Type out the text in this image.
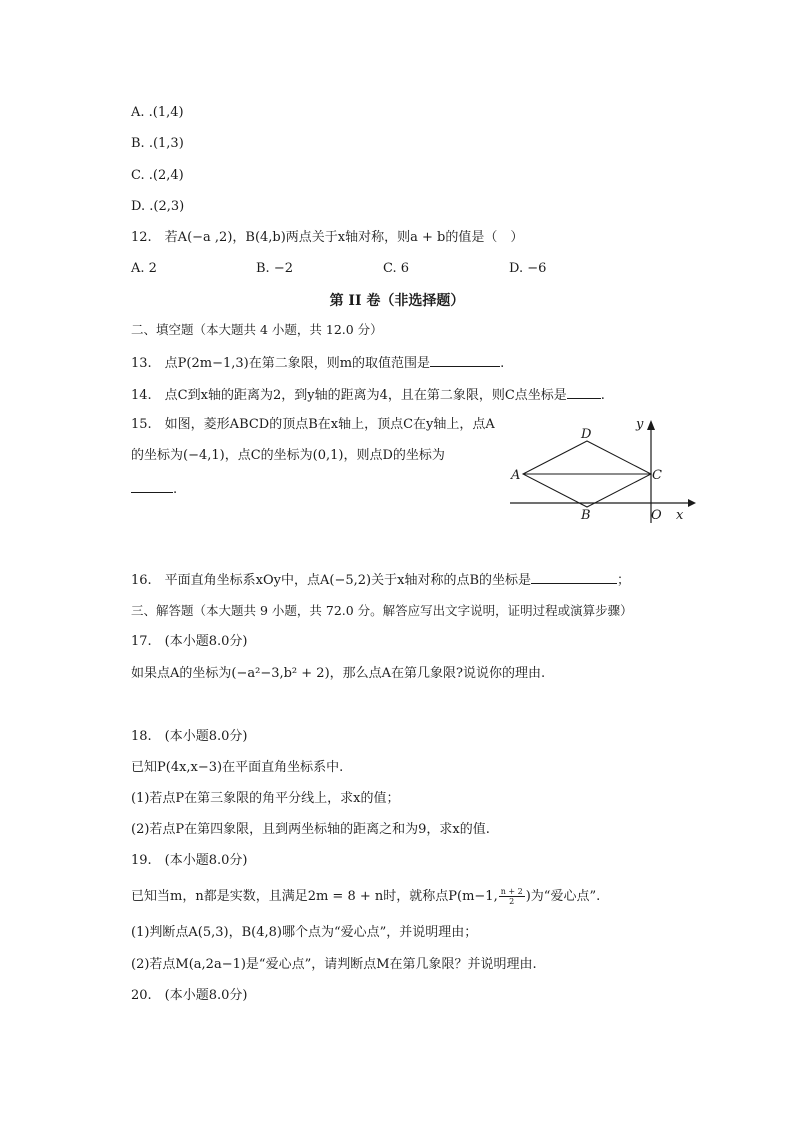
A. .(1,4)
B. .(1,3)
C. .(2,4)
D. .(2,3)
12.　若A(−a ,2)，B(4,b)两点关于x轴对称，则a + b的值是（　）
A. 2	B. −2	C. 6	D. −6
第 II 卷（非选择题）
二、填空题（本大题共 4 小题，共 12.0 分）
13.　点P(2m−1,3)在第二象限，则m的取值范围是	.
14.　点C到x轴的距离为2，到y轴的距离为4，且在第二象限，则C点坐标是	.
15.　如图，菱形ABCD的顶点B在x轴上，顶点C在y轴上，点A
的坐标为(−4,1)，点C的坐标为(0,1)，则点D的坐标为
.
A
B
C
D
O x
y
16.　平面直角坐标系xOy中，点A(−5,2)关于x轴对称的点B的坐标是	；
三、解答题（本大题共 9 小题，共 72.0 分。解答应写出文字说明，证明过程或演算步骤）
17.　(本小题8.0分)
如果点A的坐标为(−a²−3,b² + 2)，那么点A在第几象限?说说你的理由.
18.　(本小题8.0分)
已知P(4x,x−3)在平面直角坐标系中.
(1)若点P在第三象限的角平分线上，求x的值；
(2)若点P在第四象限，且到两坐标轴的距离之和为9，求x的值.
19.　(本小题8.0分)
已知当m，n都是实数，且满足2m = 8 + n时，就称点P(m−1, $\frac{n + 2}{2}$ )为“爱心点”.
(1)判断点A(5,3)，B(4,8)哪个点为“爱心点”，并说明理由；
(2)若点M(a,2a−1)是“爱心点”，请判断点M在第几象限？并说明理由.
20.　(本小题8.0分)
